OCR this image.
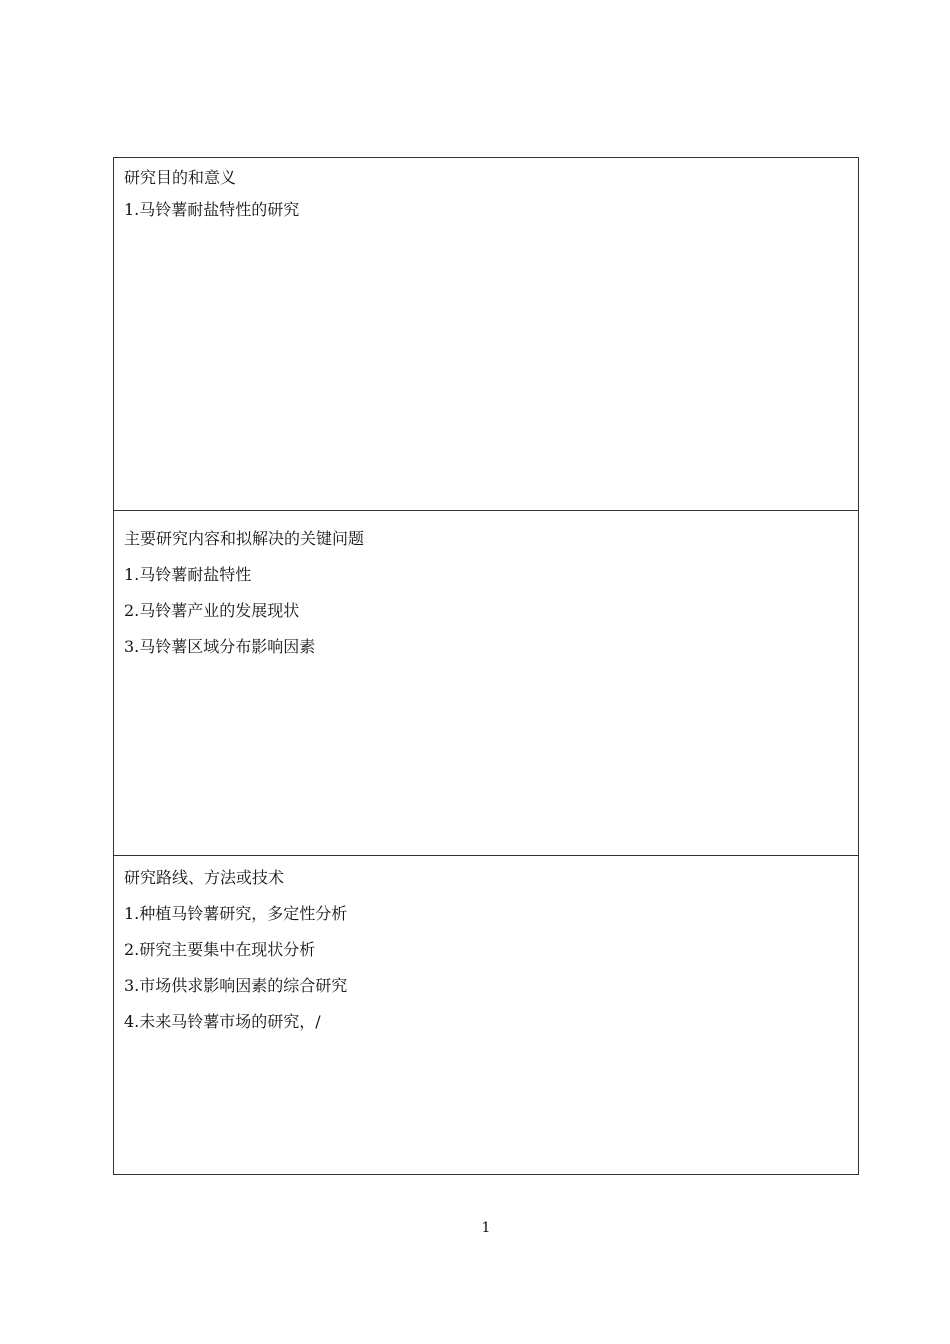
研究目的和意义
1.马铃薯耐盐特性的研究
主要研究内容和拟解决的关键问题
1.马铃薯耐盐特性
2.马铃薯产业的发展现状
3.马铃薯区域分布影响因素
研究路线、方法或技术
1.种植马铃薯研究，多定性分析
2.研究主要集中在现状分析
3.市场供求影响因素的综合研究
4.未来马铃薯市场的研究，/
1
